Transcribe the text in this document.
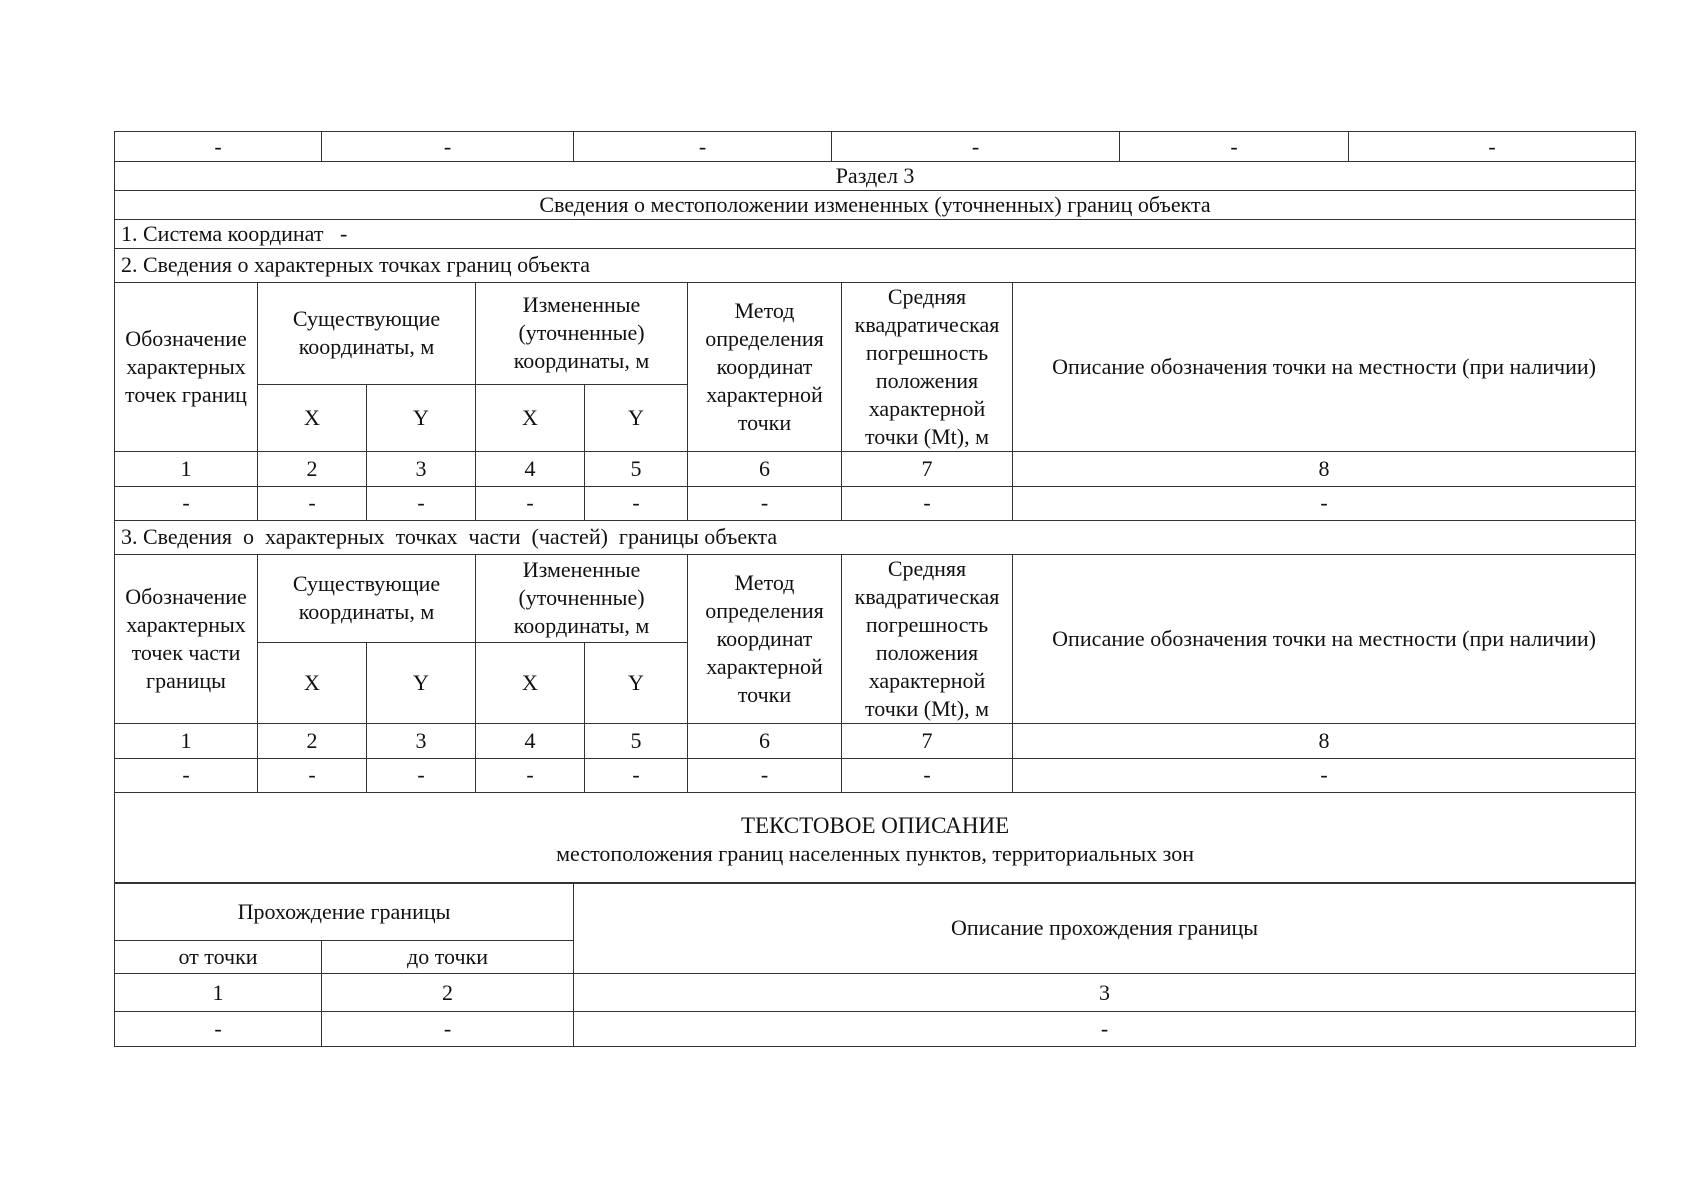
-	-	-	-	-	-
Раздел 3							
Сведения о местоположении измененных (уточненных) границ объекта							
1. Система координат   -							
2. Сведения о характерных точках границ объекта							
Обозначение характерных точек границ	Существующие координаты, м		Измененные (уточненные) координаты, м		Метод определения координат характерной точки	Средняя квадратическая погрешность положения характерной точки (Mt), м	Описание обозначения точки на местности (при наличии)
	X	Y	X	Y			
1	2	3	4	5	6	7	8
-	-	-	-	-	-	-	-
3. Сведения  о  характерных  точках  части  (частей)  границы объекта							
Обозначение характерных точек части границы	Существующие координаты, м		Измененные (уточненные) координаты, м		Метод определения координат характерной точки	Средняя квадратическая погрешность положения характерной точки (Mt), м	Описание обозначения точки на местности (при наличии)
	X	Y	X	Y			
1	2	3	4	5	6	7	8
-	-	-	-	-	-	-	-

ТЕКСТОВОЕ ОПИСАНИЕ
местоположения границ населенных пунктов, территориальных зон							
Прохождение границы		Описание прохождения границы
от точки	до точки	
1	2	3
-	-	-
